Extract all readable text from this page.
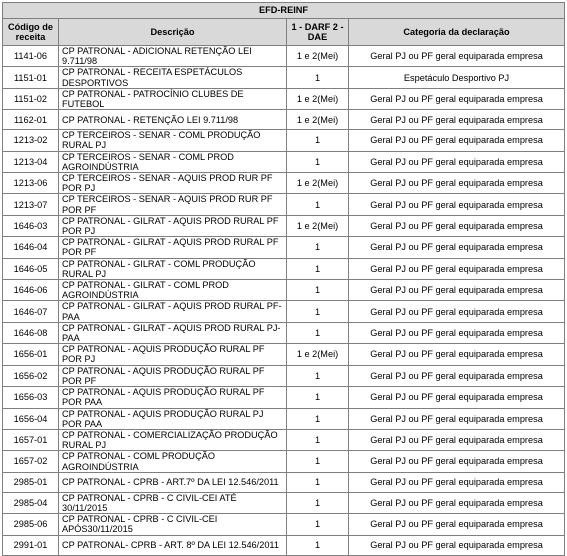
EFD-REINF			
Código de receita	Descrição	1 - DARF 2 - DAE	Categoria da declaração
1141-06	CP PATRONAL - ADICIONAL RETENÇÃO LEI 9.711/98	1 e 2(Mei)	Geral PJ ou PF geral equiparada empresa
1151-01	CP PATRONAL - RECEITA ESPETÁCULOS DESPORTIVOS	1	Espetáculo Desportivo PJ
1151-02	CP PATRONAL - PATROCÍNIO CLUBES DE FUTEBOL	1 e 2(Mei)	Geral PJ ou PF geral equiparada empresa
1162-01	CP PATRONAL - RETENÇÃO LEI 9.711/98	1 e 2(Mei)	Geral PJ ou PF geral equiparada empresa
1213-02	CP TERCEIROS - SENAR - COML PRODUÇÃO RURAL PJ	1	Geral PJ ou PF geral equiparada empresa
1213-04	CP TERCEIROS - SENAR - COML PROD AGROINDÚSTRIA	1	Geral PJ ou PF geral equiparada empresa
1213-06	CP TERCEIROS - SENAR - AQUIS PROD RUR PF POR PJ	1 e 2(Mei)	Geral PJ ou PF geral equiparada empresa
1213-07	CP TERCEIROS - SENAR - AQUIS PROD RUR PF POR PF	1	Geral PJ ou PF geral equiparada empresa
1646-03	CP PATRONAL - GILRAT - AQUIS PROD RURAL PF POR PJ	1 e 2(Mei)	Geral PJ ou PF geral equiparada empresa
1646-04	CP PATRONAL - GILRAT - AQUIS PROD RURAL PF POR PF	1	Geral PJ ou PF geral equiparada empresa
1646-05	CP PATRONAL - GILRAT - COML PRODUÇÃO RURAL PJ	1	Geral PJ ou PF geral equiparada empresa
1646-06	CP PATRONAL - GILRAT - COML PROD AGROINDÚSTRIA	1	Geral PJ ou PF geral equiparada empresa
1646-07	CP PATRONAL - GILRAT - AQUIS PROD RURAL PF-PAA	1	Geral PJ ou PF geral equiparada empresa
1646-08	CP PATRONAL - GILRAT - AQUIS PROD RURAL PJ-PAA	1	Geral PJ ou PF geral equiparada empresa
1656-01	CP PATRONAL - AQUIS PRODUÇÃO RURAL PF POR PJ	1 e 2(Mei)	Geral PJ ou PF geral equiparada empresa
1656-02	CP PATRONAL - AQUIS PRODUÇÃO RURAL PF POR PF	1	Geral PJ ou PF geral equiparada empresa
1656-03	CP PATRONAL - AQUIS PRODUÇÃO RURAL PF POR PAA	1	Geral PJ ou PF geral equiparada empresa
1656-04	CP PATRONAL - AQUIS PRODUÇÃO RURAL PJ POR PAA	1	Geral PJ ou PF geral equiparada empresa
1657-01	CP PATRONAL - COMERCIALIZAÇÃO PRODUÇÃO RURAL PJ	1	Geral PJ ou PF geral equiparada empresa
1657-02	CP PATRONAL - COML PRODUÇÃO AGROINDÚSTRIA	1	Geral PJ ou PF geral equiparada empresa
2985-01	CP PATRONAL - CPRB - ART.7º DA LEI 12.546/2011	1	Geral PJ ou PF geral equiparada empresa
2985-04	CP PATRONAL - CPRB - C CIVIL-CEI ATÉ 30/11/2015	1	Geral PJ ou PF geral equiparada empresa
2985-06	CP PATRONAL - CPRB - C CIVIL-CEI APÓS30/11/2015	1	Geral PJ ou PF geral equiparada empresa
2991-01	CP PATRONAL- CPRB - ART. 8º DA LEI 12.546/2011	1	Geral PJ ou PF geral equiparada empresa
